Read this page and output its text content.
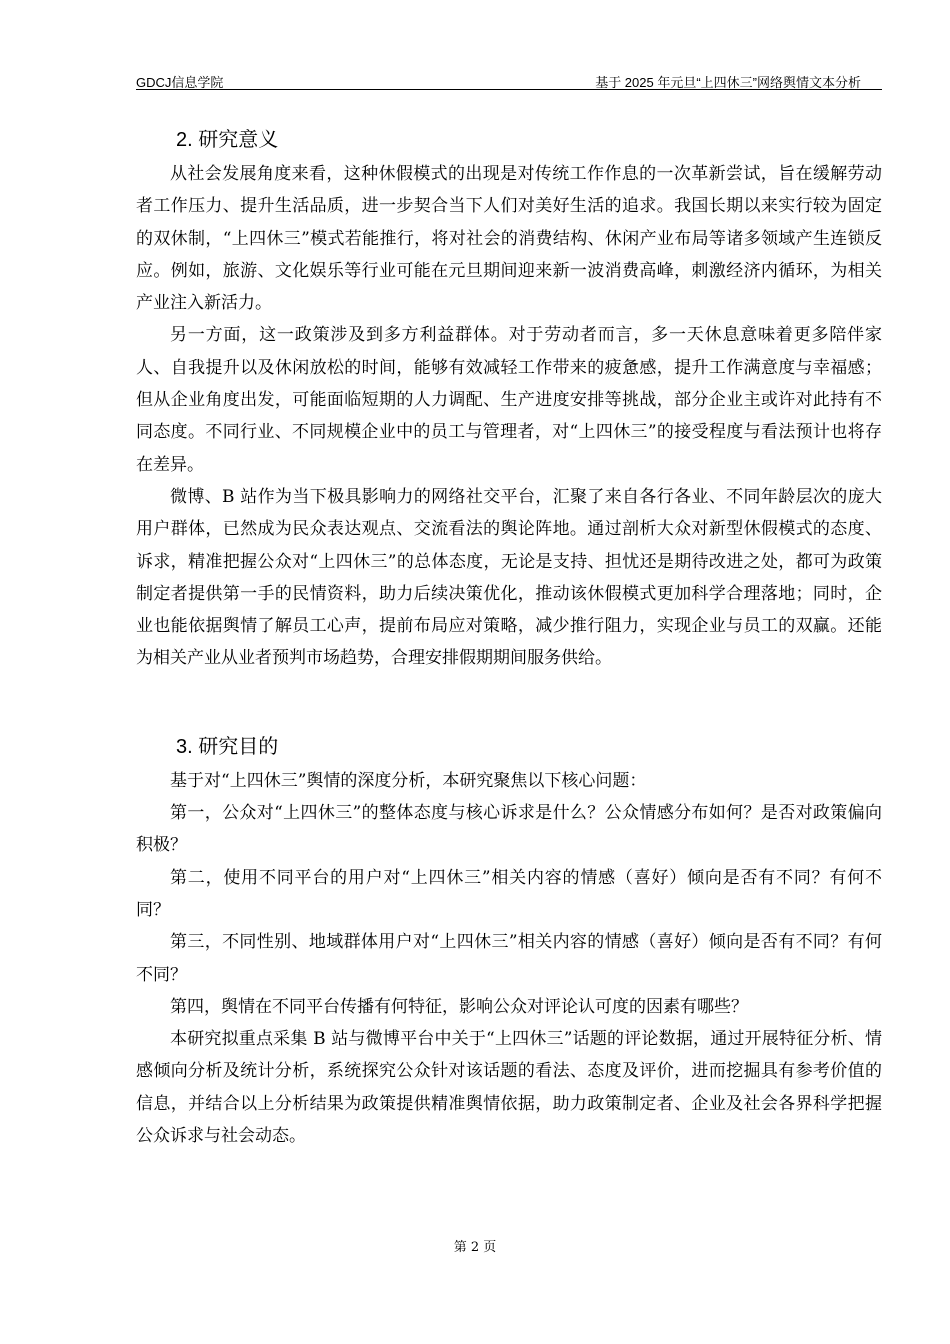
GDCJ信息学院	基于 2025 年元旦“上四休三”网络舆情文本分析
2. 研究意义

从社会发展角度来看，这种休假模式的出现是对传统工作作息的一次革新尝试，旨在缓解劳动者工作压力、提升生活品质，进一步契合当下人们对美好生活的追求。我国长期以来实行较为固定的双休制，“上四休三”模式若能推行，将对社会的消费结构、休闲产业布局等诸多领域产生连锁反应。例如，旅游、文化娱乐等行业可能在元旦期间迎来新一波消费高峰，刺激经济内循环，为相关产业注入新活力。

另一方面，这一政策涉及到多方利益群体。对于劳动者而言，多一天休息意味着更多陪伴家人、自我提升以及休闲放松的时间，能够有效减轻工作带来的疲惫感，提升工作满意度与幸福感；但从企业角度出发，可能面临短期的人力调配、生产进度安排等挑战，部分企业主或许对此持有不同态度。不同行业、不同规模企业中的员工与管理者，对“上四休三”的接受程度与看法预计也将存在差异。

微博、B 站作为当下极具影响力的网络社交平台，汇聚了来自各行各业、不同年龄层次的庞大用户群体，已然成为民众表达观点、交流看法的舆论阵地。通过剖析大众对新型休假模式的态度、诉求，精准把握公众对“上四休三”的总体态度，无论是支持、担忧还是期待改进之处，都可为政策制定者提供第一手的民情资料，助力后续决策优化，推动该休假模式更加科学合理落地；同时，企业也能依据舆情了解员工心声，提前布局应对策略，减少推行阻力，实现企业与员工的双赢。还能为相关产业从业者预判市场趋势，合理安排假期期间服务供给。

3. 研究目的

基于对“上四休三”舆情的深度分析，本研究聚焦以下核心问题：

第一，公众对“上四休三”的整体态度与核心诉求是什么？公众情感分布如何？是否对政策偏向积极？

第二，使用不同平台的用户对“上四休三”相关内容的情感（喜好）倾向是否有不同？有何不同？

第三，不同性别、地域群体用户对“上四休三”相关内容的情感（喜好）倾向是否有不同？有何不同？

第四，舆情在不同平台传播有何特征，影响公众对评论认可度的因素有哪些？

本研究拟重点采集 B 站与微博平台中关于“上四休三”话题的评论数据，通过开展特征分析、情感倾向分析及统计分析，系统探究公众针对该话题的看法、态度及评价，进而挖掘具有参考价值的信息，并结合以上分析结果为政策提供精准舆情依据，助力政策制定者、企业及社会各界科学把握公众诉求与社会动态。

第 2 页
